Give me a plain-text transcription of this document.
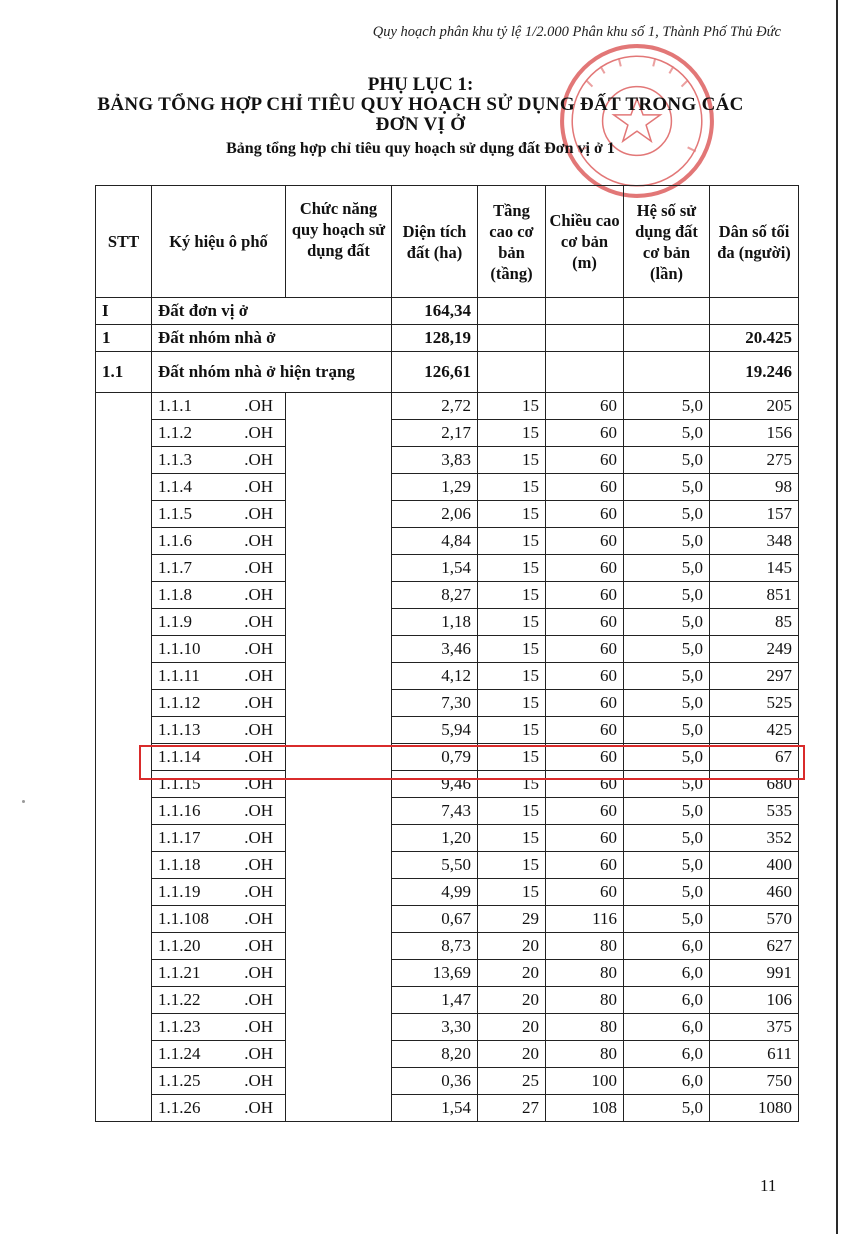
Quy hoạch phân khu tỷ lệ 1/2.000 Phân khu số 1, Thành Phố Thủ Đức
PHỤ LỤC 1:
BẢNG TỔNG HỢP CHỈ TIÊU QUY HOẠCH SỬ DỤNG ĐẤT TRONG CÁC
ĐƠN VỊ Ở
Bảng tổng hợp chỉ tiêu quy hoạch sử dụng đất Đơn vị ở 1
STT	Ký hiệu ô phố	Chức năng quy hoạch sử dụng đất	Diện tích đất (ha)	Tầng cao cơ bản (tầng)	Chiều cao cơ bản (m)	Hệ số sử dụng đất cơ bản (lần)	Dân số tối đa (người)
I	Đất đơn vị ở		164,34				
1	Đất nhóm nhà ở		128,19				20.425
1.1	Đất nhóm nhà ở hiện trạng		126,61				19.246

	1.1.1 .OH		2,72	15	60	5,0	205

	1.1.2 .OH		2,17	15	60	5,0	156

	1.1.3 .OH		3,83	15	60	5,0	275

	1.1.4 .OH		1,29	15	60	5,0	98

	1.1.5 .OH		2,06	15	60	5,0	157

	1.1.6 .OH		4,84	15	60	5,0	348

	1.1.7 .OH		1,54	15	60	5,0	145

	1.1.8 .OH		8,27	15	60	5,0	851

	1.1.9 .OH		1,18	15	60	5,0	85

	1.1.10 .OH		3,46	15	60	5,0	249

	1.1.11 .OH		4,12	15	60	5,0	297

	1.1.12 .OH		7,30	15	60	5,0	525

	1.1.13 .OH		5,94	15	60	5,0	425

	1.1.14 .OH		0,79	15	60	5,0	67

	1.1.15 .OH		9,46	15	60	5,0	680

	1.1.16 .OH		7,43	15	60	5,0	535

	1.1.17 .OH		1,20	15	60	5,0	352

	1.1.18 .OH		5,50	15	60	5,0	400

	1.1.19 .OH		4,99	15	60	5,0	460

	1.1.108 .OH		0,67	29	116	5,0	570

	1.1.20 .OH		8,73	20	80	6,0	627

	1.1.21 .OH		13,69	20	80	6,0	991

	1.1.22 .OH		1,47	20	80	6,0	106

	1.1.23 .OH		3,30	20	80	6,0	375

	1.1.24 .OH		8,20	20	80	6,0	611

	1.1.25 .OH		0,36	25	100	6,0	750

	1.1.26 .OH		1,54	27	108	5,0	1080
11
